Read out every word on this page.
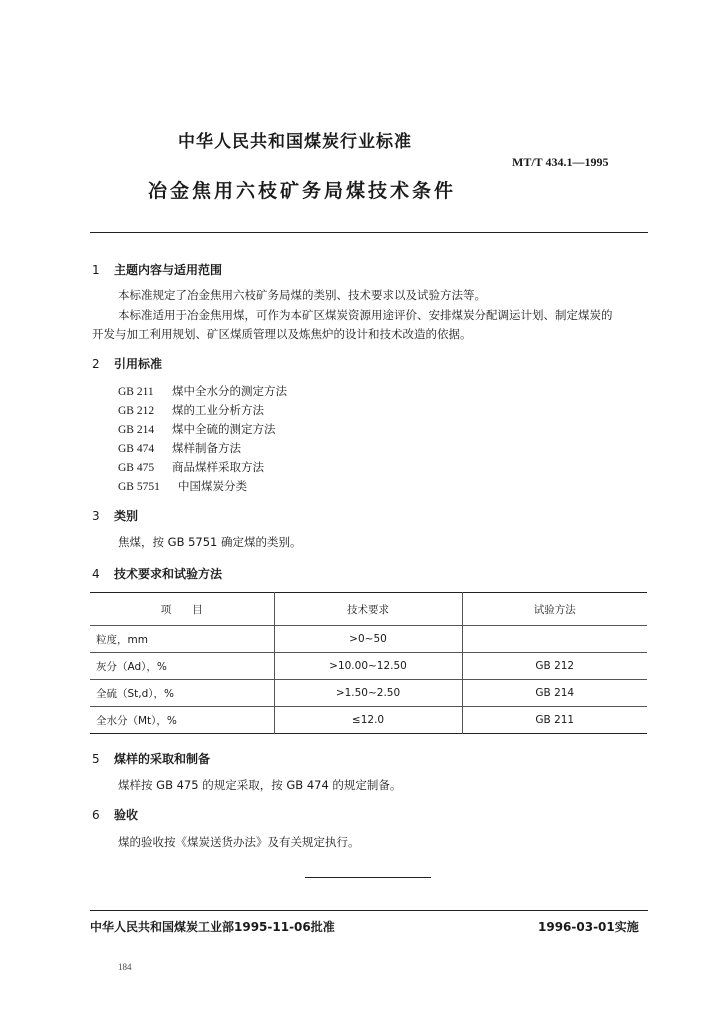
中华人民共和国煤炭行业标准
MT/T 434.1—1995
冶金焦用六枝矿务局煤技术条件
1 主题内容与适用范围
本标准规定了冶金焦用六枝矿务局煤的类别、技术要求以及试验方法等。
本标准适用于冶金焦用煤，可作为本矿区煤炭资源用途评价、安排煤炭分配调运计划、制定煤炭的
开发与加工利用规划、矿区煤质管理以及炼焦炉的设计和技术改造的依据。
2 引用标准
GB 211 煤中全水分的测定方法
GB 212 煤的工业分析方法
GB 214 煤中全硫的测定方法
GB 474 煤样制备方法
GB 475 商品煤样采取方法
GB 5751 中国煤炭分类
3 类别
焦煤，按 GB 5751 确定煤的类别。
4 技术要求和试验方法
项　　目	技术要求	试验方法
粒度，mm	>0~50	
灰分（Ad），%	>10.00~12.50	GB 212
全硫（St,d），%	>1.50~2.50	GB 214
全水分（Mt），%	≤12.0	GB 211
5 煤样的采取和制备
煤样按 GB 475 的规定采取，按 GB 474 的规定制备。
6 验收
煤的验收按《煤炭送货办法》及有关规定执行。
中华人民共和国煤炭工业部1995-11-06批准	1996-03-01实施
184
